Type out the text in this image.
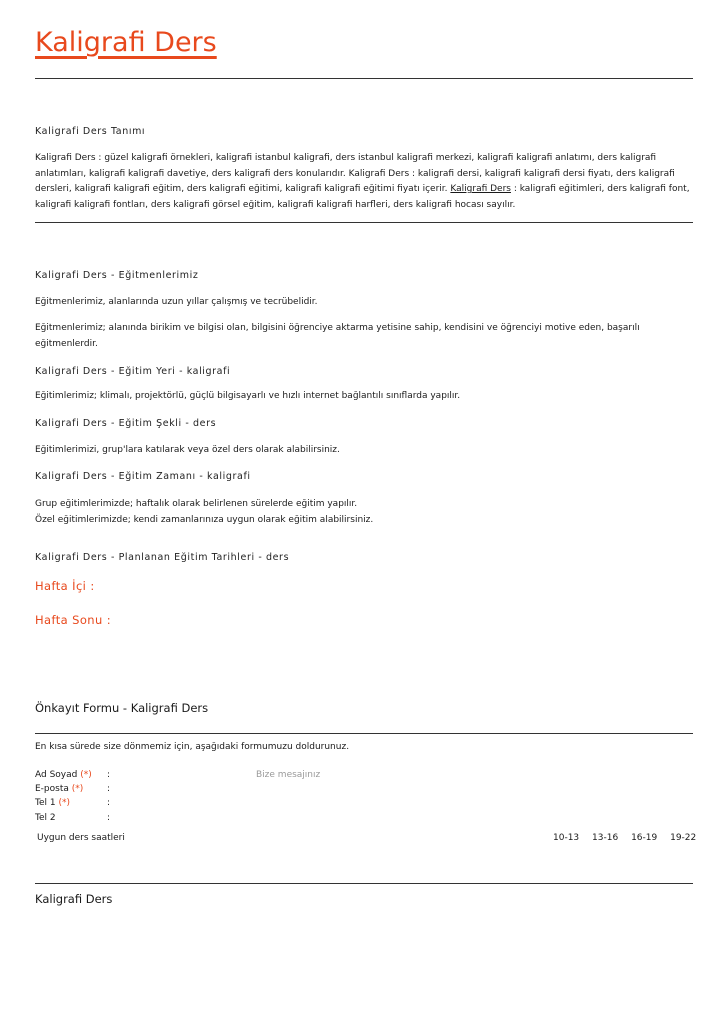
Kaligrafi Ders
Kaligrafi Ders Tanımı
Kaligrafi Ders : güzel kaligrafi örnekleri, kaligrafi istanbul kaligrafi, ders istanbul kaligrafi merkezi, kaligrafi kaligrafi anlatımı, ders kaligrafi anlatımları, kaligrafi kaligrafi davetiye, ders kaligrafi ders konularıdır. Kaligrafi Ders : kaligrafi dersi, kaligrafi kaligrafi dersi fiyatı, ders kaligrafi dersleri, kaligrafi kaligrafi eğitim, ders kaligrafi eğitimi, kaligrafi kaligrafi eğitimi fiyatı içerir. Kaligrafi Ders : kaligrafi eğitimleri, ders kaligrafi font, kaligrafi kaligrafi fontları, ders kaligrafi görsel eğitim, kaligrafi kaligrafi harfleri, ders kaligrafi hocası sayılır.
Kaligrafi Ders - Eğitmenlerimiz
Eğitmenlerimiz, alanlarında uzun yıllar çalışmış ve tecrübelidir.
Eğitmenlerimiz; alanında birikim ve bilgisi olan, bilgisini öğrenciye aktarma yetisine sahip, kendisini ve öğrenciyi motive eden, başarılı eğitmenlerdir.
Kaligrafi Ders - Eğitim Yeri - kaligrafi
Eğitimlerimiz; klimalı, projektörlü, güçlü bilgisayarlı ve hızlı internet bağlantılı sınıflarda yapılır.
Kaligrafi Ders - Eğitim Şekli - ders
Eğitimlerimizi, grup'lara katılarak veya özel ders olarak alabilirsiniz.
Kaligrafi Ders - Eğitim Zamanı - kaligrafi
Grup eğitimlerimizde; haftalık olarak belirlenen sürelerde eğitim yapılır.
Özel eğitimlerimizde; kendi zamanlarınıza uygun olarak eğitim alabilirsiniz.
Kaligrafi Ders - Planlanan Eğitim Tarihleri - ders
Hafta İçi :
Hafta Sonu :
Önkayıt Formu - Kaligrafi Ders
En kısa sürede size dönmemiz için, aşağıdaki formumuzu doldurunuz.
Ad Soyad (*) :
E-posta (*)	:
Tel 1 (*)	:
Tel 2	:
Bize mesajınız
Uygun ders saatleri	10-13 13-16 16-19 19-22
Kaligrafi Ders
